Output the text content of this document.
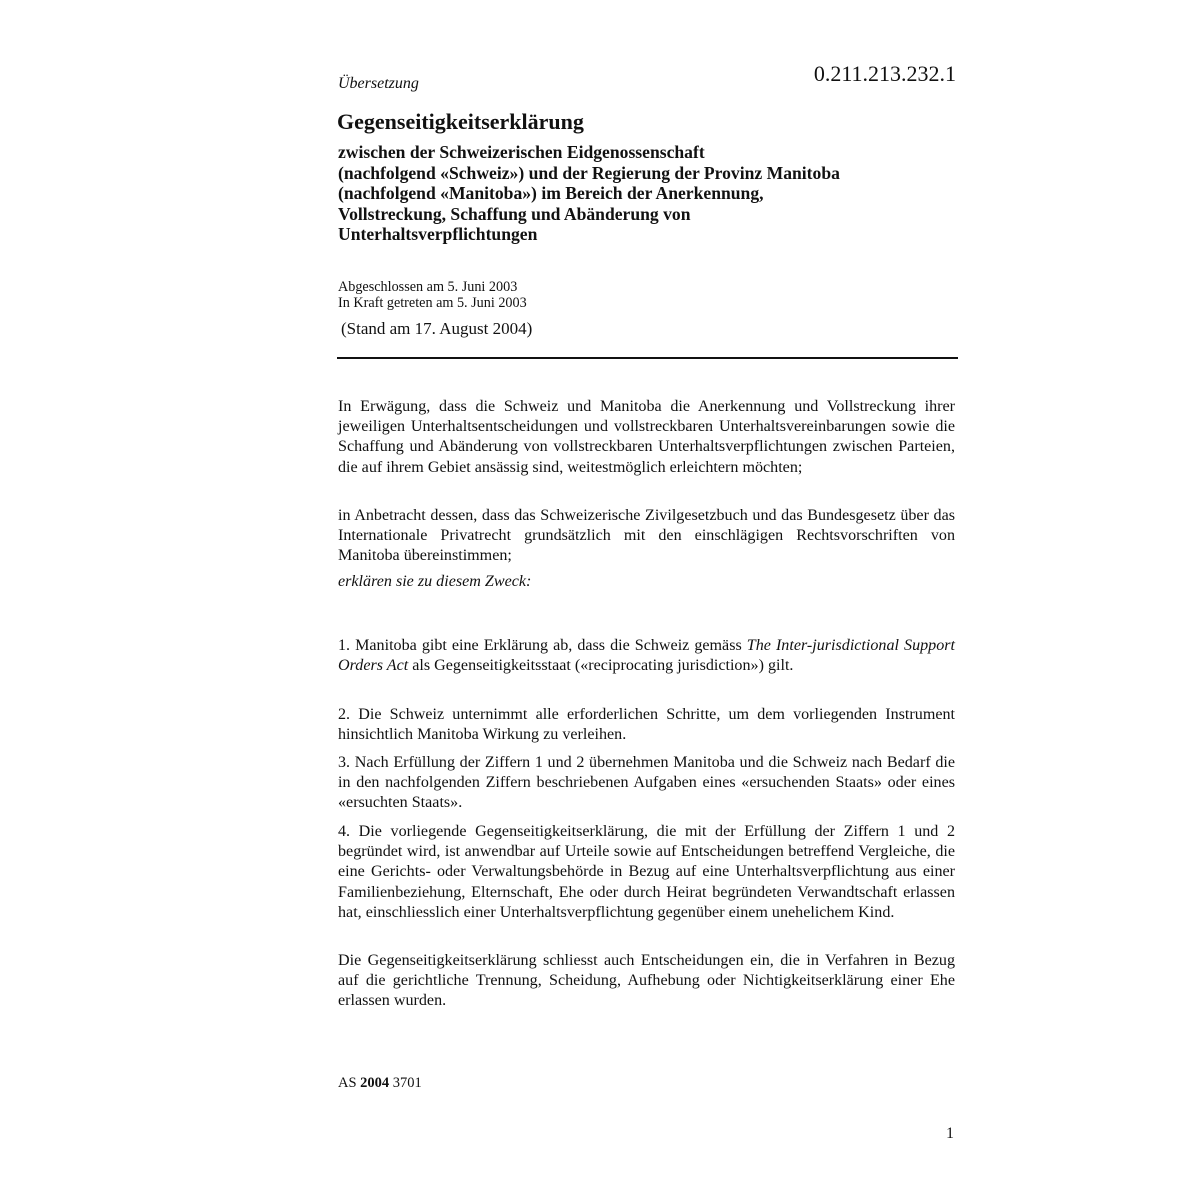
0.211.213.232.1
Übersetzung
Gegenseitigkeitserklärung
zwischen der Schweizerischen Eidgenossenschaft
(nachfolgend «Schweiz») und der Regierung der Provinz Manitoba
(nachfolgend «Manitoba») im Bereich der Anerkennung,
Vollstreckung, Schaffung und Abänderung von
Unterhaltsverpflichtungen
Abgeschlossen am 5. Juni 2003
In Kraft getreten am 5. Juni 2003
(Stand am 17. August 2004)
In Erwägung, dass die Schweiz und Manitoba die Anerkennung und Vollstreckung ihrer jeweiligen Unterhaltsentscheidungen und vollstreckbaren Unterhaltsvereinbarungen sowie die Schaffung und Abänderung von vollstreckbaren Unterhaltsverpflichtungen zwischen Parteien, die auf ihrem Gebiet ansässig sind, weitestmöglich erleichtern möchten;
in Anbetracht dessen, dass das Schweizerische Zivilgesetzbuch und das Bundesgesetz über das Internationale Privatrecht grundsätzlich mit den einschlägigen Rechtsvorschriften von Manitoba übereinstimmen;
erklären sie zu diesem Zweck:
1. Manitoba gibt eine Erklärung ab, dass die Schweiz gemäss The Inter-jurisdictional Support Orders Act als Gegenseitigkeitsstaat («reciprocating jurisdiction») gilt.
2. Die Schweiz unternimmt alle erforderlichen Schritte, um dem vorliegenden Instrument hinsichtlich Manitoba Wirkung zu verleihen.
3. Nach Erfüllung der Ziffern 1 und 2 übernehmen Manitoba und die Schweiz nach Bedarf die in den nachfolgenden Ziffern beschriebenen Aufgaben eines «ersuchenden Staats» oder eines «ersuchten Staats».
4. Die vorliegende Gegenseitigkeitserklärung, die mit der Erfüllung der Ziffern 1 und 2 begründet wird, ist anwendbar auf Urteile sowie auf Entscheidungen betreffend Vergleiche, die eine Gerichts- oder Verwaltungsbehörde in Bezug auf eine Unterhaltsverpflichtung aus einer Familienbeziehung, Elternschaft, Ehe oder durch Heirat begründeten Verwandtschaft erlassen hat, einschliesslich einer Unterhaltsverpflichtung gegenüber einem unehelichem Kind.
Die Gegenseitigkeitserklärung schliesst auch Entscheidungen ein, die in Verfahren in Bezug auf die gerichtliche Trennung, Scheidung, Aufhebung oder Nichtigkeitserklärung einer Ehe erlassen wurden.
AS 2004 3701
1
